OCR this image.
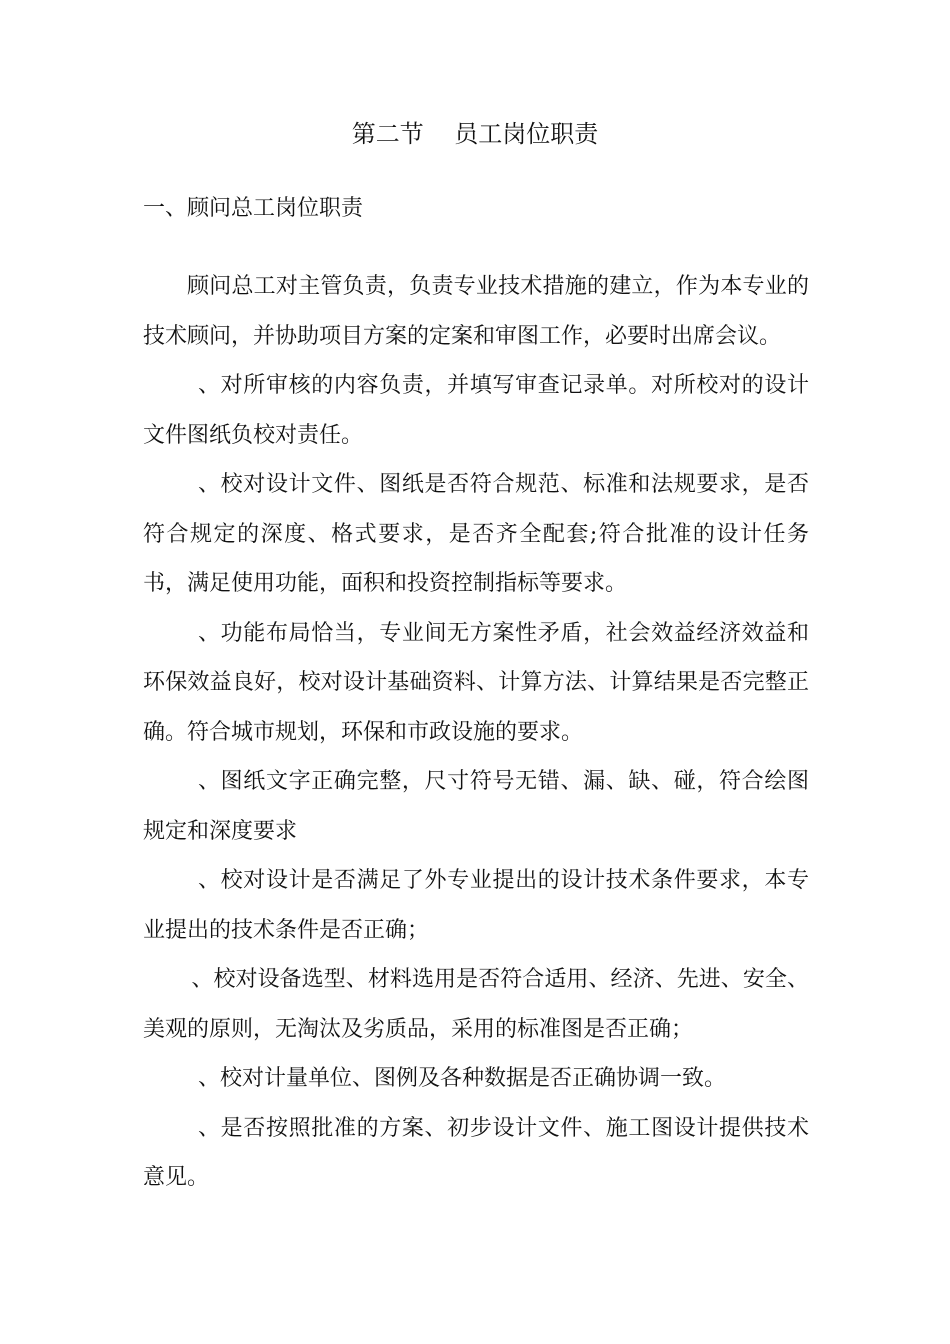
第二节    员工岗位职责
一、顾问总工岗位职责

顾问总工对主管负责，负责专业技术措施的建立，作为本专业的技术顾问，并协助项目方案的定案和审图工作，必要时出席会议。

、对所审核的内容负责，并填写审查记录单。对所校对的设计文件图纸负校对责任。

、校对设计文件、图纸是否符合规范、标准和法规要求，是否符合规定的深度、格式要求，是否齐全配套;符合批准的设计任务书，满足使用功能，面积和投资控制指标等要求。

、功能布局恰当，专业间无方案性矛盾，社会效益经济效益和环保效益良好，校对设计基础资料、计算方法、计算结果是否完整正确。符合城市规划，环保和市政设施的要求。

、图纸文字正确完整，尺寸符号无错、漏、缺、碰，符合绘图规定和深度要求

、校对设计是否满足了外专业提出的设计技术条件要求，本专业提出的技术条件是否正确；

、校对设备选型、材料选用是否符合适用、经济、先进、安全、美观的原则，无淘汰及劣质品，采用的标准图是否正确；

、校对计量单位、图例及各种数据是否正确协调一致。

、是否按照批准的方案、初步设计文件、施工图设计提供技术意见。
